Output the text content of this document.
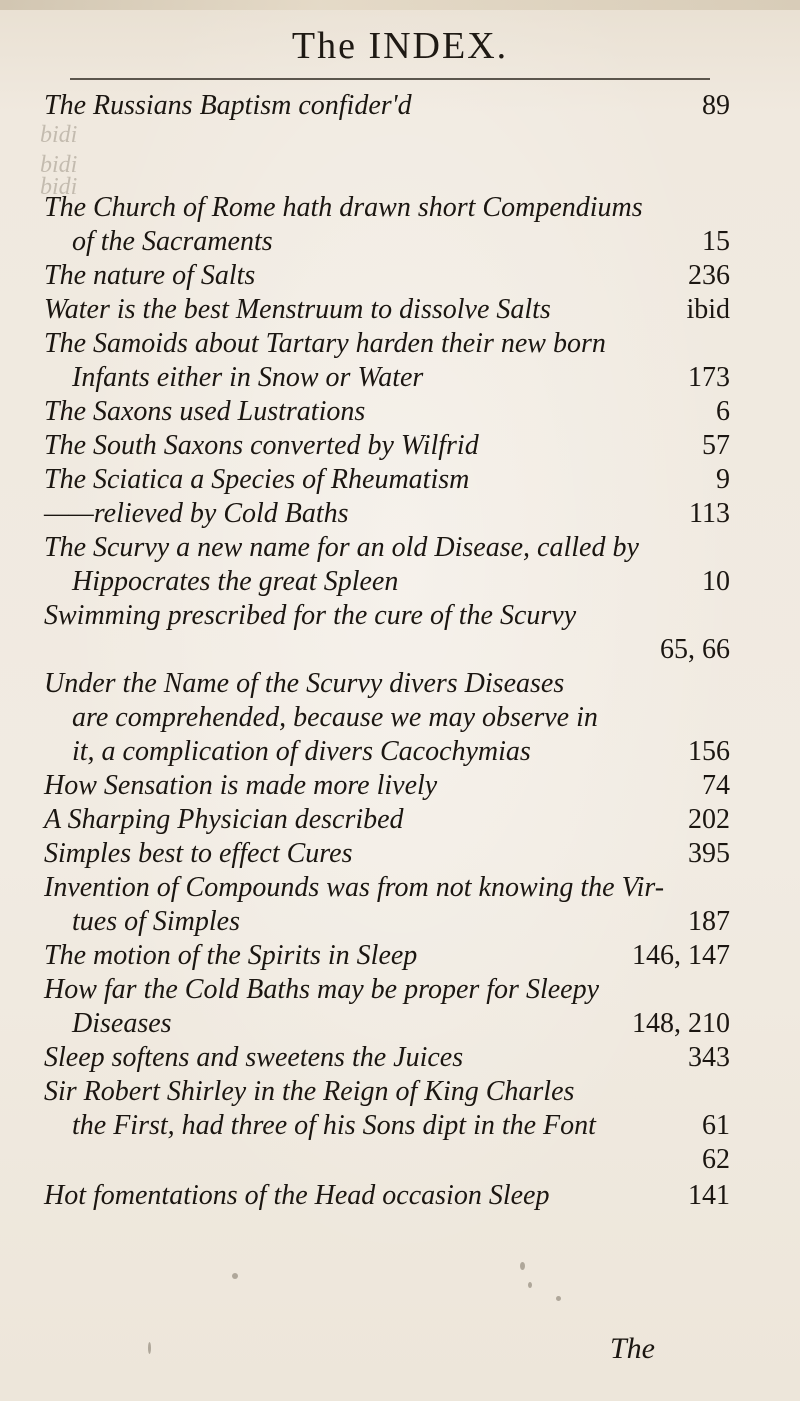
The INDEX.
bidi
bidi
bidi
The Russians Baptism confider'd	89
The Church of Rome hath drawn short Compendiums
of the Sacraments	15
The nature of Salts	236
Water is the best Menstruum to dissolve Salts	ibid
The Samoids about Tartary harden their new born
Infants either in Snow or Water	173
The Saxons used Lustrations	6
The South Saxons converted by Wilfrid	57
The Sciatica a Species of Rheumatism	9
——relieved by Cold Baths	113
The Scurvy a new name for an old Disease, called by
Hippocrates the great Spleen	10
Swimming prescribed for the cure of the Scurvy
65, 66
Under the Name of the Scurvy divers Diseases
are comprehended, because we may observe in
it, a complication of divers Cacochymias	156
How Sensation is made more lively	74
A Sharping Physician described	202
Simples best to effect Cures	395
Invention of Compounds was from not knowing the Vir-
tues of Simples	187
The motion of the Spirits in Sleep	146, 147
How far the Cold Baths may be proper for Sleepy
Diseases	148, 210
Sleep softens and sweetens the Juices	343
Sir Robert Shirley in the Reign of King Charles
the First, had three of his Sons dipt in the Font	61
62
Hot fomentations of the Head occasion Sleep	141
The
